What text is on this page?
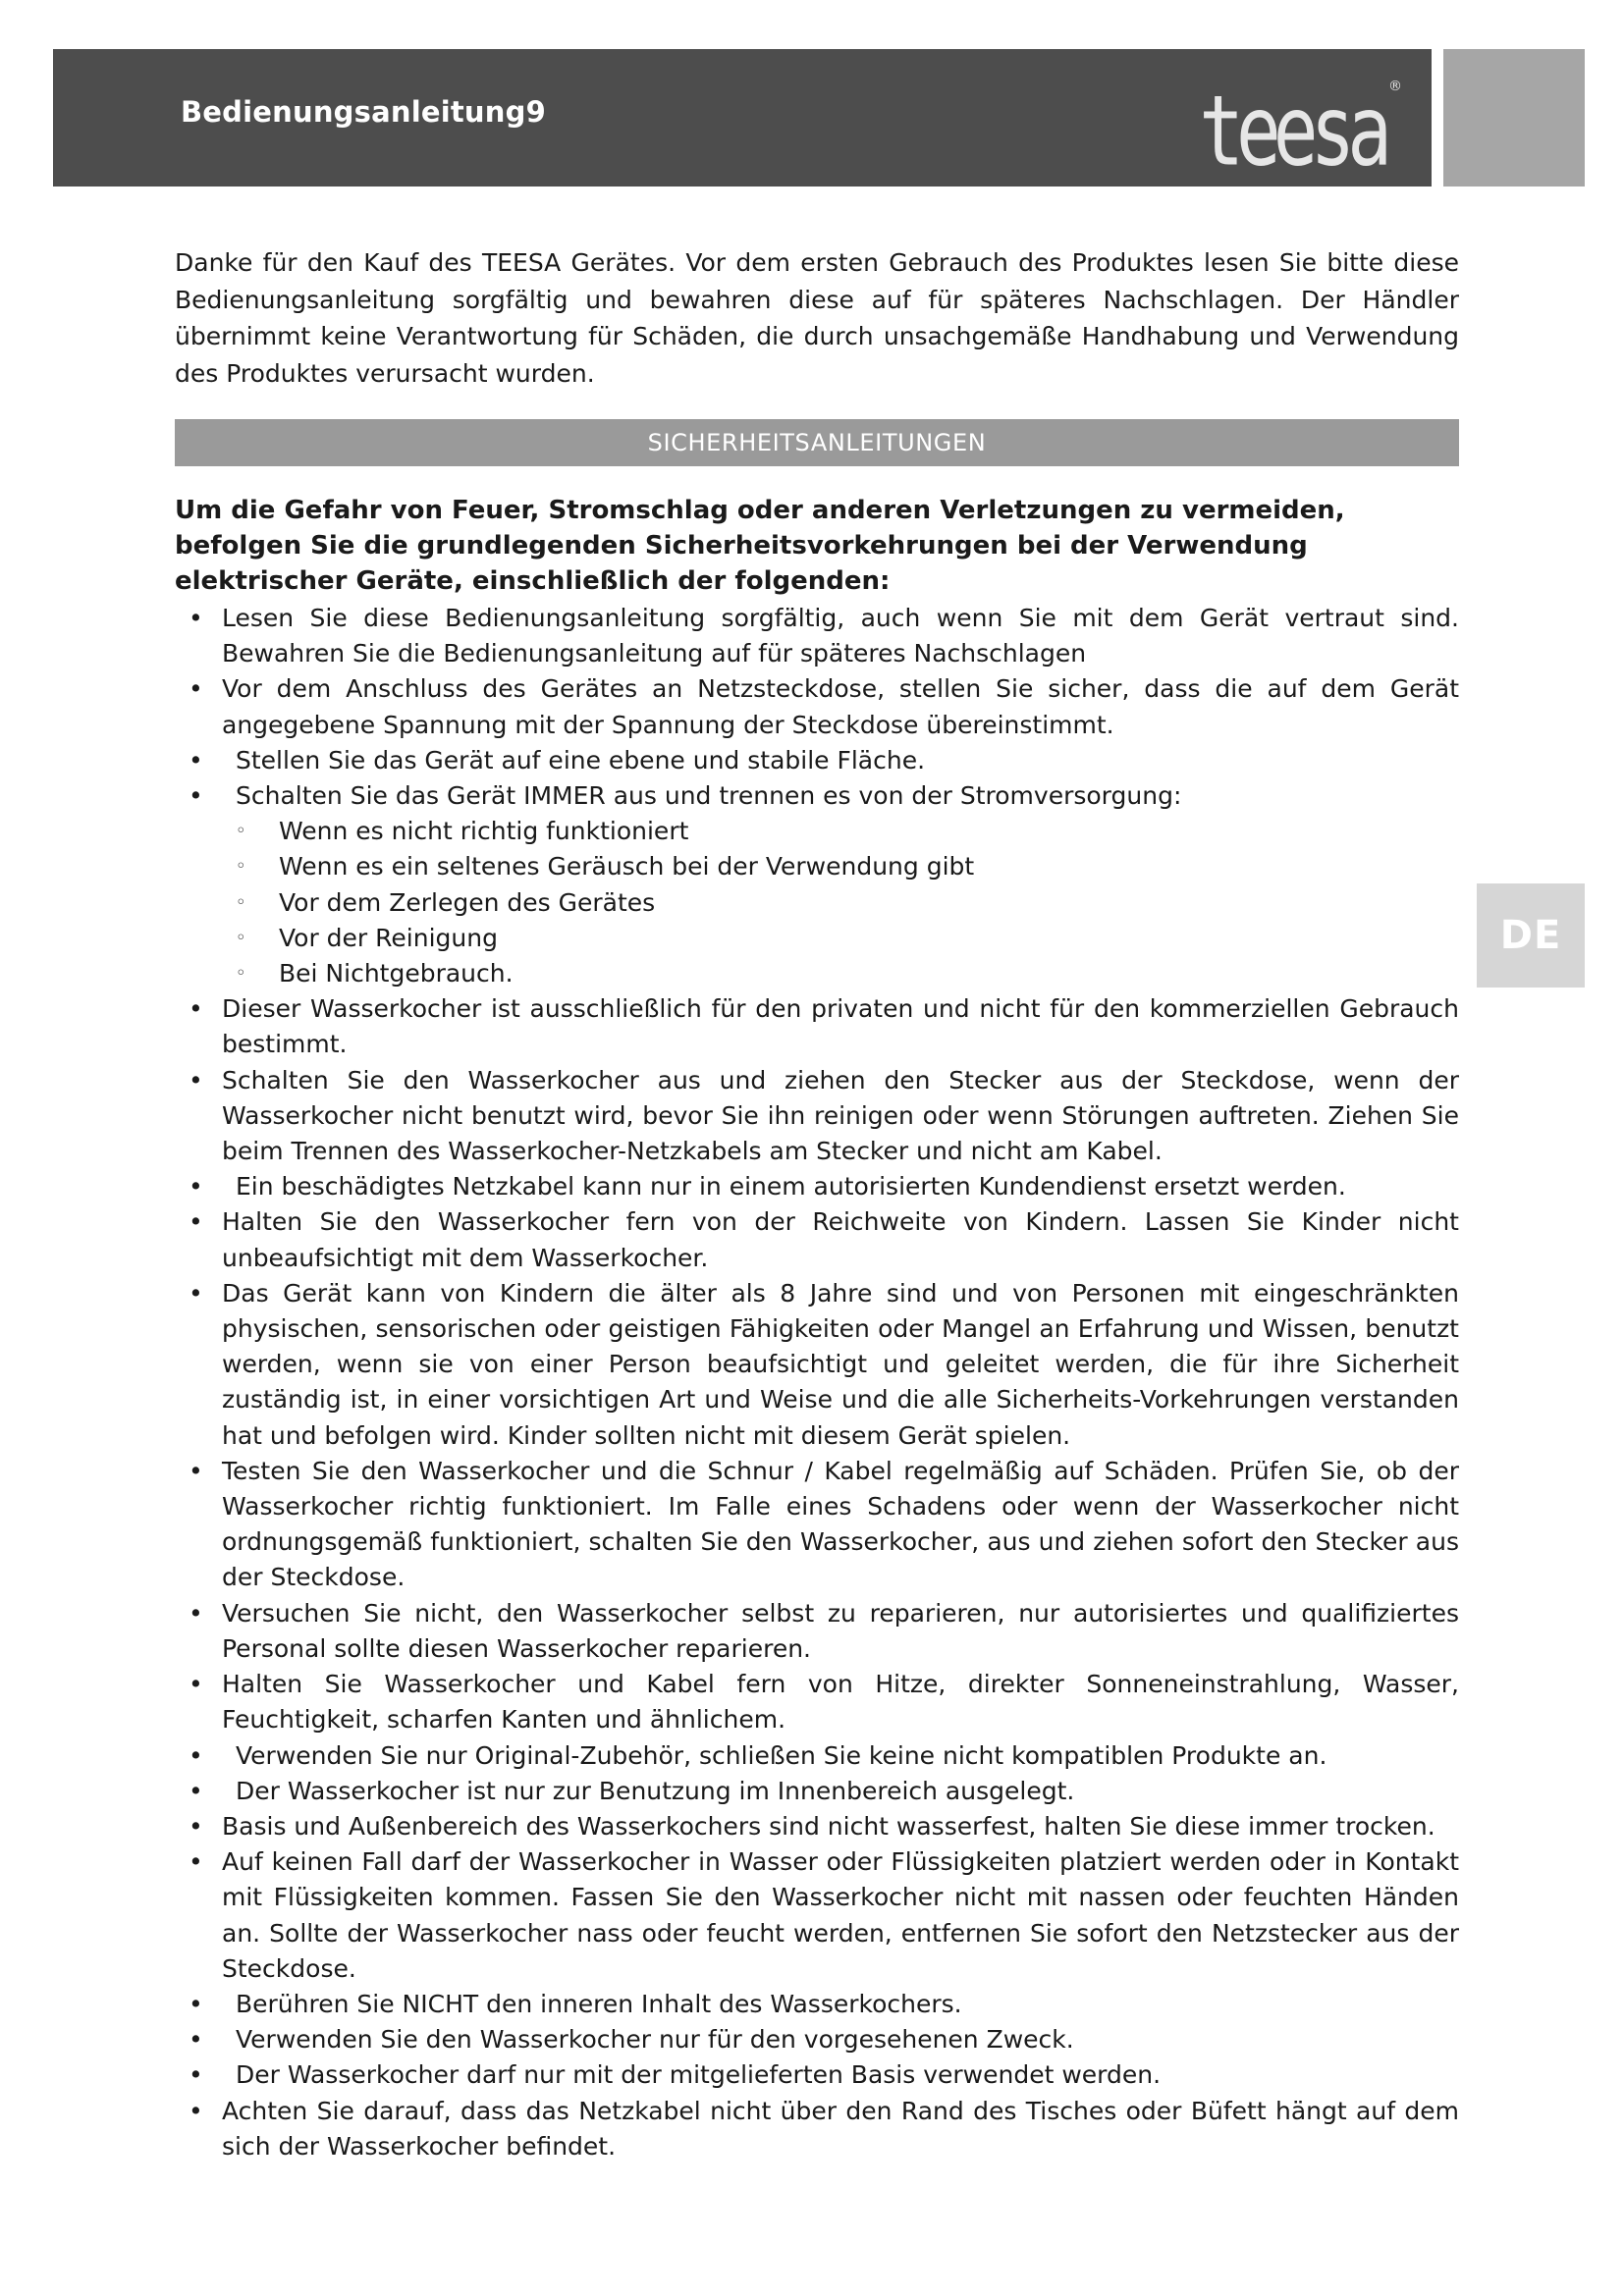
Bedienungsanleitung9	teesa ®
DE

Danke für den Kauf des TEESA Gerätes. Vor dem ersten Gebrauch des Produktes lesen Sie bitte diese Bedienungsanleitung sorgfältig und bewahren diese auf für späteres Nachschlagen. Der Händler übernimmt keine Verantwortung für Schäden, die durch unsachgemäße Handhabung und Verwendung des Produktes verursacht wurden.

SICHERHEITSANLEITUNGEN

Um die Gefahr von Feuer, Stromschlag oder anderen Verletzungen zu vermeiden, befolgen Sie die grundlegenden Sicherheitsvorkehrungen bei der Verwendung elektrischer Geräte, einschließlich der folgenden:

• Lesen Sie diese Bedienungsanleitung sorgfältig, auch wenn Sie mit dem Gerät vertraut sind. Bewahren Sie die Bedienungsanleitung auf für späteres Nachschlagen
• Vor dem Anschluss des Gerätes an Netzsteckdose, stellen Sie sicher, dass die auf dem Gerät angegebene Spannung mit der Spannung der Steckdose übereinstimmt.
• Stellen Sie das Gerät auf eine ebene und stabile Fläche.
• Schalten Sie das Gerät IMMER aus und trennen es von der Stromversorgung:
◦ Wenn es nicht richtig funktioniert
◦ Wenn es ein seltenes Geräusch bei der Verwendung gibt
◦ Vor dem Zerlegen des Gerätes
◦ Vor der Reinigung
◦ Bei Nichtgebrauch.
• Dieser Wasserkocher ist ausschließlich für den privaten und nicht für den kommerziellen Gebrauch bestimmt.
• Schalten Sie den Wasserkocher aus und ziehen den Stecker aus der Steckdose, wenn der Wasserkocher nicht benutzt wird, bevor Sie ihn reinigen oder wenn Störungen auftreten. Ziehen Sie beim Trennen des Wasserkocher-Netzkabels am Stecker und nicht am Kabel.
• Ein beschädigtes Netzkabel kann nur in einem autorisierten Kundendienst ersetzt werden.
• Halten Sie den Wasserkocher fern von der Reichweite von Kindern. Lassen Sie Kinder nicht unbeaufsichtigt mit dem Wasserkocher.
• Das Gerät kann von Kindern die älter als 8 Jahre sind und von Personen mit eingeschränkten physischen, sensorischen oder geistigen Fähigkeiten oder Mangel an Erfahrung und Wissen, benutzt werden, wenn sie von einer Person beaufsichtigt und geleitet werden, die für ihre Sicherheit zuständig ist, in einer vorsichtigen Art und Weise und die alle Sicherheits-Vorkehrungen verstanden hat und befolgen wird. Kinder sollten nicht mit diesem Gerät spielen.
• Testen Sie den Wasserkocher und die Schnur / Kabel regelmäßig auf Schäden. Prüfen Sie, ob der Wasserkocher richtig funktioniert. Im Falle eines Schadens oder wenn der Wasserkocher nicht ordnungsgemäß funktioniert, schalten Sie den Wasserkocher, aus und ziehen sofort den Stecker aus der Steckdose.
• Versuchen Sie nicht, den Wasserkocher selbst zu reparieren, nur autorisiertes und qualifiziertes Personal sollte diesen Wasserkocher reparieren.
• Halten Sie Wasserkocher und Kabel fern von Hitze, direkter Sonneneinstrahlung, Wasser, Feuchtigkeit, scharfen Kanten und ähnlichem.
• Verwenden Sie nur Original-Zubehör, schließen Sie keine nicht kompatiblen Produkte an.
• Der Wasserkocher ist nur zur Benutzung im Innenbereich ausgelegt.
• Basis und Außenbereich des Wasserkochers sind nicht wasserfest, halten Sie diese immer trocken.
• Auf keinen Fall darf der Wasserkocher in Wasser oder Flüssigkeiten platziert werden oder in Kontakt mit Flüssigkeiten kommen. Fassen Sie den Wasserkocher nicht mit nassen oder feuchten Händen an. Sollte der Wasserkocher nass oder feucht werden, entfernen Sie sofort den Netzstecker aus der Steckdose.
• Berühren Sie NICHT den inneren Inhalt des Wasserkochers.
• Verwenden Sie den Wasserkocher nur für den vorgesehenen Zweck.
• Der Wasserkocher darf nur mit der mitgelieferten Basis verwendet werden.
• Achten Sie darauf, dass das Netzkabel nicht über den Rand des Tisches oder Büfett hängt auf dem sich der Wasserkocher befindet.
